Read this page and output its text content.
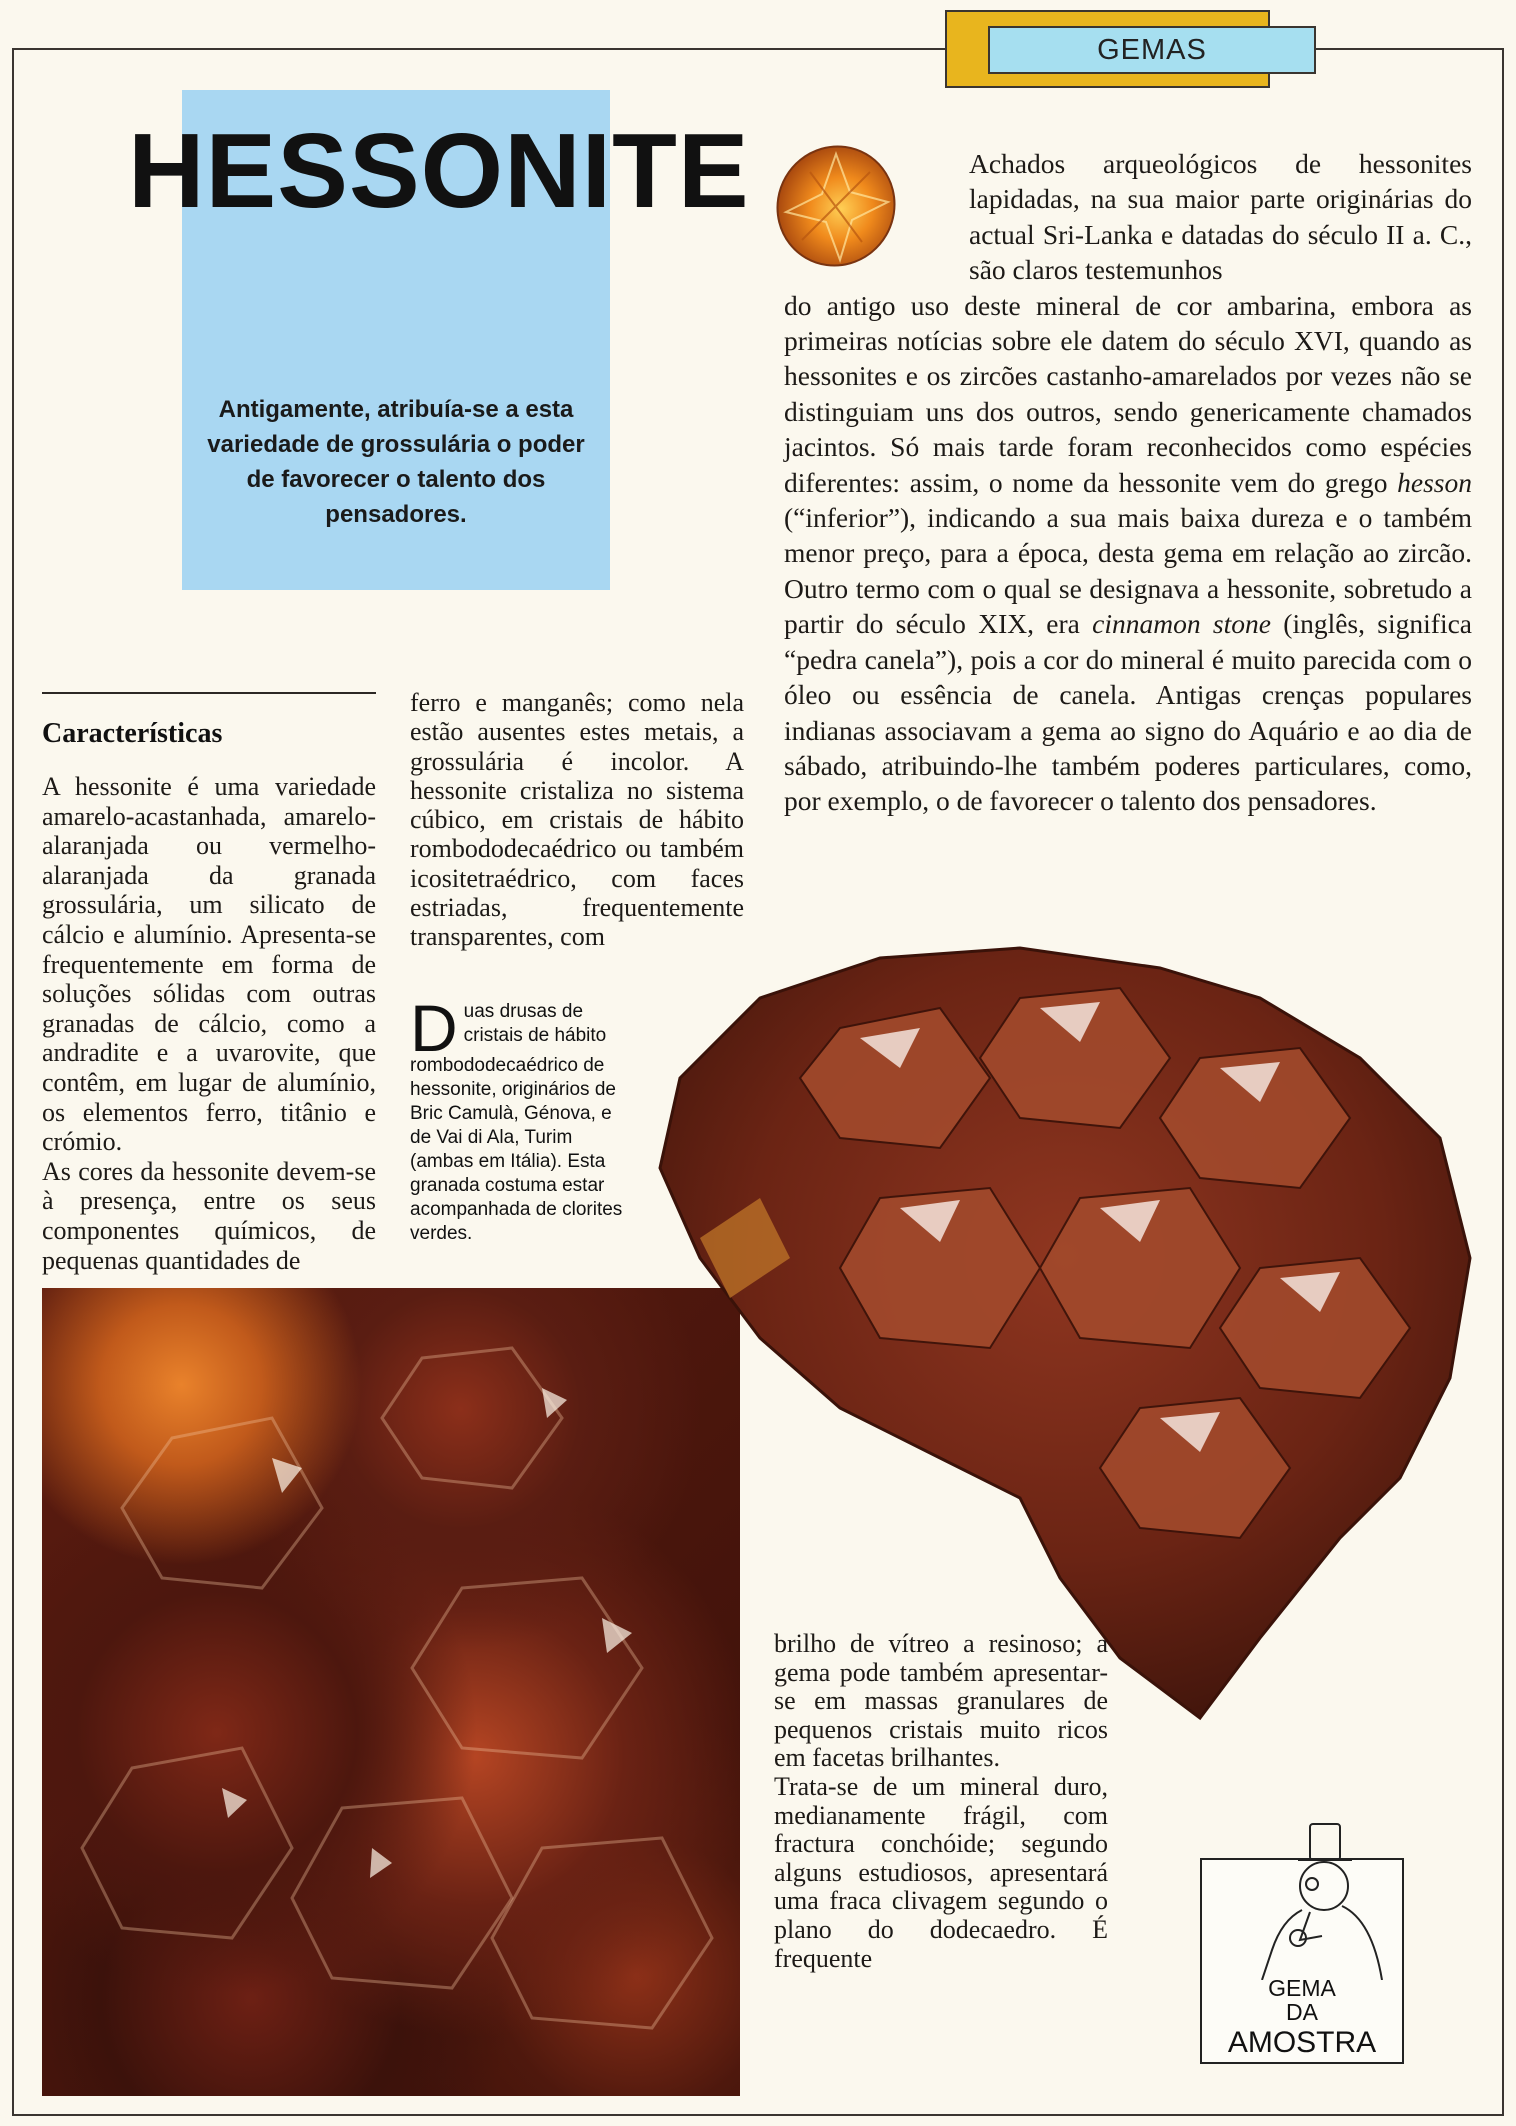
GEMAS
HESSONITE

Antigamente, atribuía-se a esta variedade de grossulária o poder de favorecer o talento dos pensadores.

Achados arqueológicos de hessonites lapidadas, na sua maior parte originárias do actual Sri-Lanka e datadas do século II a. C., são claros testemunhos
do antigo uso deste mineral de cor ambarina, embora as primeiras notícias sobre ele datem do século XVI, quando as hessonites e os zircões castanho-amarelados por vezes não se distinguiam uns dos outros, sendo genericamente chamados jacintos. Só mais tarde foram reconhecidos como espécies diferentes: assim, o nome da hessonite vem do grego hesson (“inferior”), indicando a sua mais baixa dureza e o também menor preço, para a época, desta gema em relação ao zircão. Outro termo com o qual se designava a hessonite, sobretudo a partir do século XIX, era cinnamon stone (inglês, significa “pedra canela”), pois a cor do mineral é muito parecida com o óleo ou essência de canela. Antigas crenças populares indianas associavam a gema ao signo do Aquário e ao dia de sábado, atribuindo-lhe também poderes particulares, como, por exemplo, o de favorecer o talento dos pensadores.

Características

A hessonite é uma variedade amarelo-acastanhada, amarelo-alaranjada ou vermelho-alaranjada da granada grossulária, um silicato de cálcio e alumínio. Apresenta-se frequentemente em forma de soluções sólidas com outras granadas de cálcio, como a andradite e a uvarovite, que contêm, em lugar de alumínio, os elementos ferro, titânio e crómio.
As cores da hessonite devem-se à presença, entre os seus componentes químicos, de pequenas quantidades de

ferro e manganês; como nela estão ausentes estes metais, a grossulária é incolor. A hessonite cristaliza no sistema cúbico, em cristais de hábito rombododecaédrico ou também icositetraédrico, com faces estriadas, frequentemente transparentes, com

Duas drusas de cristais de hábito rombododecaédrico de hessonite, originários de Bric Camulà, Génova, e de Vai di Ala, Turim (ambas em Itália). Esta granada costuma estar acompanhada de clorites verdes.

brilho de vítreo a resinoso; a gema pode também apresentar-se em massas granulares de pequenos cristais muito ricos em facetas brilhantes.
Trata-se de um mineral duro, medianamente frágil, com fractura conchóide; segundo alguns estudiosos, apresentará uma fraca clivagem segundo o plano do dodecaedro. É frequente

GEMA
DA
AMOSTRA
